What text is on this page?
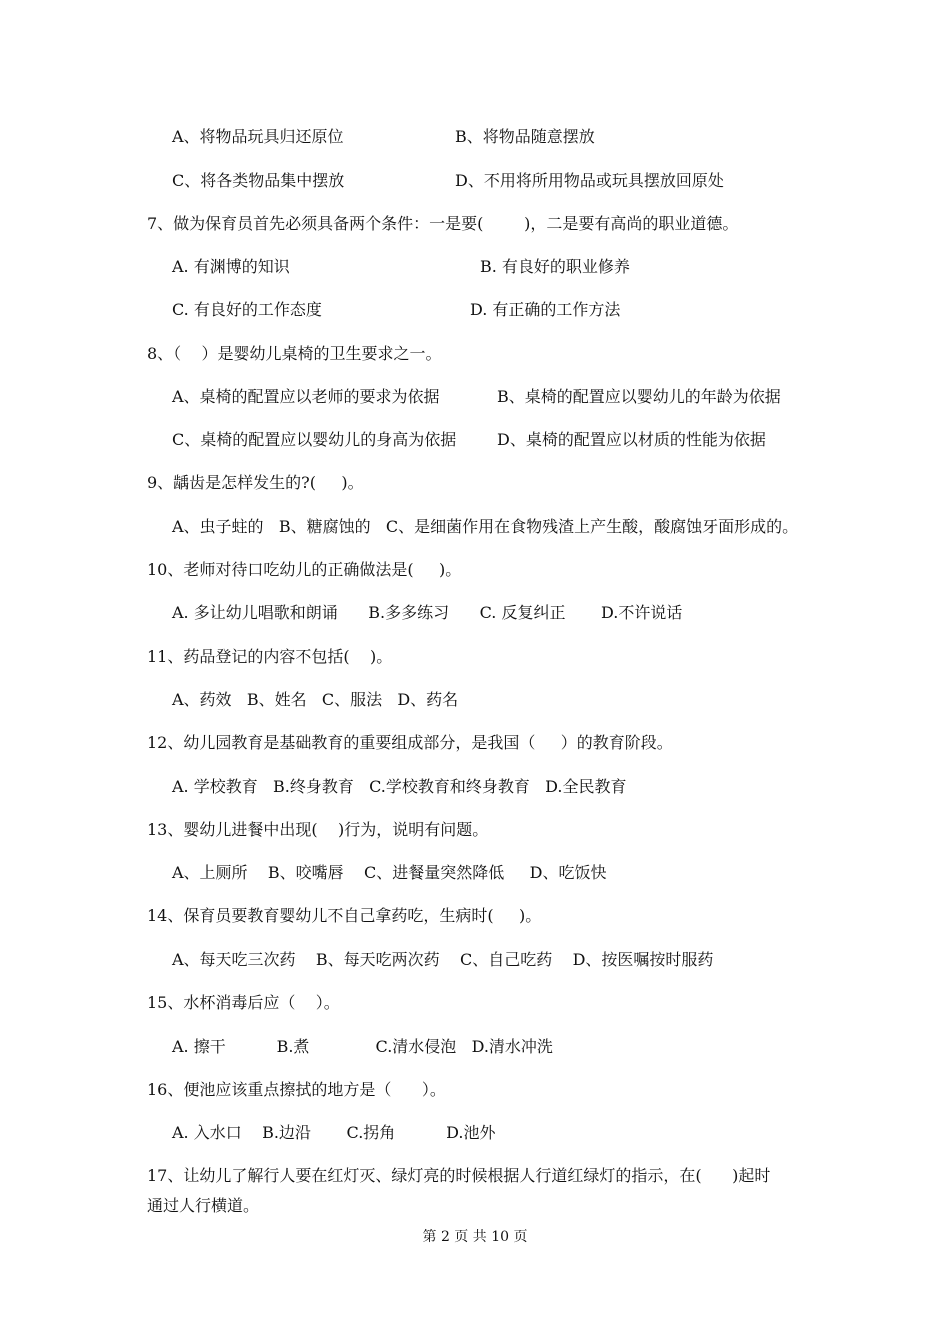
A、将物品玩具归还原位	B、将物品随意摆放
C、将各类物品集中摆放	D、不用将所用物品或玩具摆放回原处
7、做为保育员首先必须具备两个条件：一是要(        )，二是要有高尚的职业道德。
A. 有渊博的知识	B. 有良好的职业修养
C. 有良好的工作态度	D. 有正确的工作方法
8、（    ）是婴幼儿桌椅的卫生要求之一。
A、桌椅的配置应以老师的要求为依据	B、桌椅的配置应以婴幼儿的年龄为依据
C、桌椅的配置应以婴幼儿的身高为依据	D、桌椅的配置应以材质的性能为依据
9、龋齿是怎样发生的?(     )。
A、虫子蛀的   B、糖腐蚀的   C、是细菌作用在食物残渣上产生酸，酸腐蚀牙面形成的。
10、老师对待口吃幼儿的正确做法是(     )。
A. 多让幼儿唱歌和朗诵      B.多多练习      C. 反复纠正       D.不许说话
11、药品登记的内容不包括(    )。
A、药效   B、姓名   C、服法   D、药名
12、幼儿园教育是基础教育的重要组成部分，是我国（     ）的教育阶段。
A. 学校教育   B.终身教育   C.学校教育和终身教育   D.全民教育
13、婴幼儿进餐中出现(    )行为，说明有问题。
A、上厕所    B、咬嘴唇    C、进餐量突然降低     D、吃饭快
14、保育员要教育婴幼儿不自己拿药吃，生病时(     )。
A、每天吃三次药    B、每天吃两次药    C、自己吃药    D、按医嘱按时服药
15、水杯消毒后应（    ）。
A. 擦干          B.煮             C.清水侵泡   D.清水冲洗
16、便池应该重点擦拭的地方是（      ）。
A. 入水口    B.边沿       C.拐角          D.池外
17、让幼儿了解行人要在红灯灭、绿灯亮的时候根据人行道红绿灯的指示，在(      )起时
通过人行横道。
第 2 页 共 10 页
